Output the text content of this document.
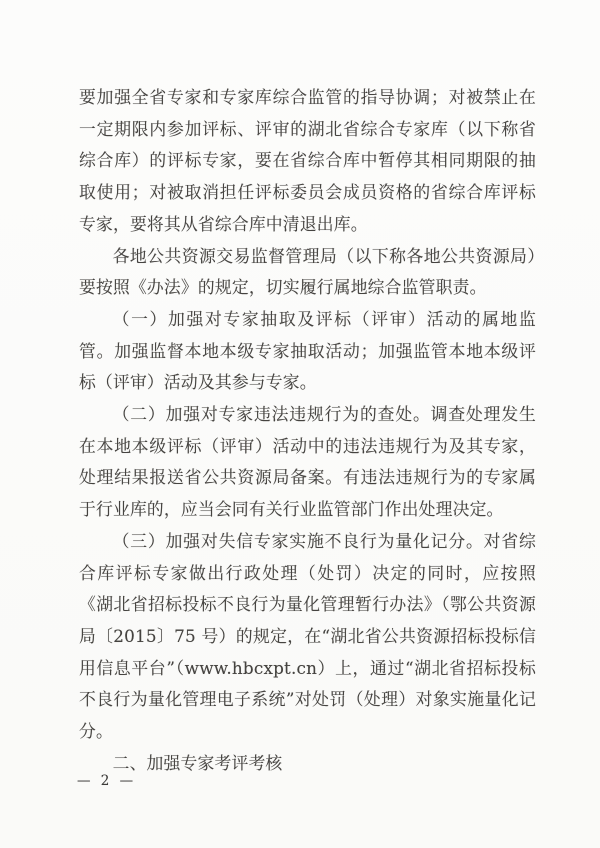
要加强全省专家和专家库综合监管的指导协调；对被禁止在一定期限内参加评标、评审的湖北省综合专家库（以下称省综合库）的评标专家，要在省综合库中暂停其相同期限的抽取使用；对被取消担任评标委员会成员资格的省综合库评标专家，要将其从省综合库中清退出库。

各地公共资源交易监督管理局（以下称各地公共资源局）要按照《办法》的规定，切实履行属地综合监管职责。

（一）加强对专家抽取及评标（评审）活动的属地监管。加强监督本地本级专家抽取活动；加强监管本地本级评标（评审）活动及其参与专家。

（二）加强对专家违法违规行为的查处。调查处理发生在本地本级评标（评审）活动中的违法违规行为及其专家，处理结果报送省公共资源局备案。有违法违规行为的专家属于行业库的，应当会同有关行业监管部门作出处理决定。

（三）加强对失信专家实施不良行为量化记分。对省综合库评标专家做出行政处理（处罚）决定的同时，应按照《湖北省招标投标不良行为量化管理暂行办法》（鄂公共资源局〔2015〕75 号）的规定，在“湖北省公共资源招标投标信用信息平台”（www.hbcxpt.cn）上，通过“湖北省招标投标不良行为量化管理电子系统”对处罚（处理）对象实施量化记分。

二、加强专家考评考核

— 2 —
